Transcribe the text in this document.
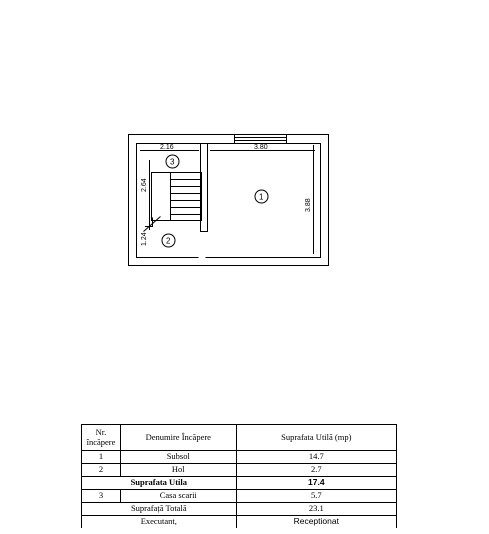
2.16	3.80
3.88
2.64
1.24
1
2
3
Nr. încăpere	Denumire Încăpere	Suprafata Utilă (mp)
1	Subsol	14.7
2	Hol	2.7
Suprafata Utila		17.4
3	Casa scarii	5.7
Suprafață Totală		23.1
Executant,		Receptionat
